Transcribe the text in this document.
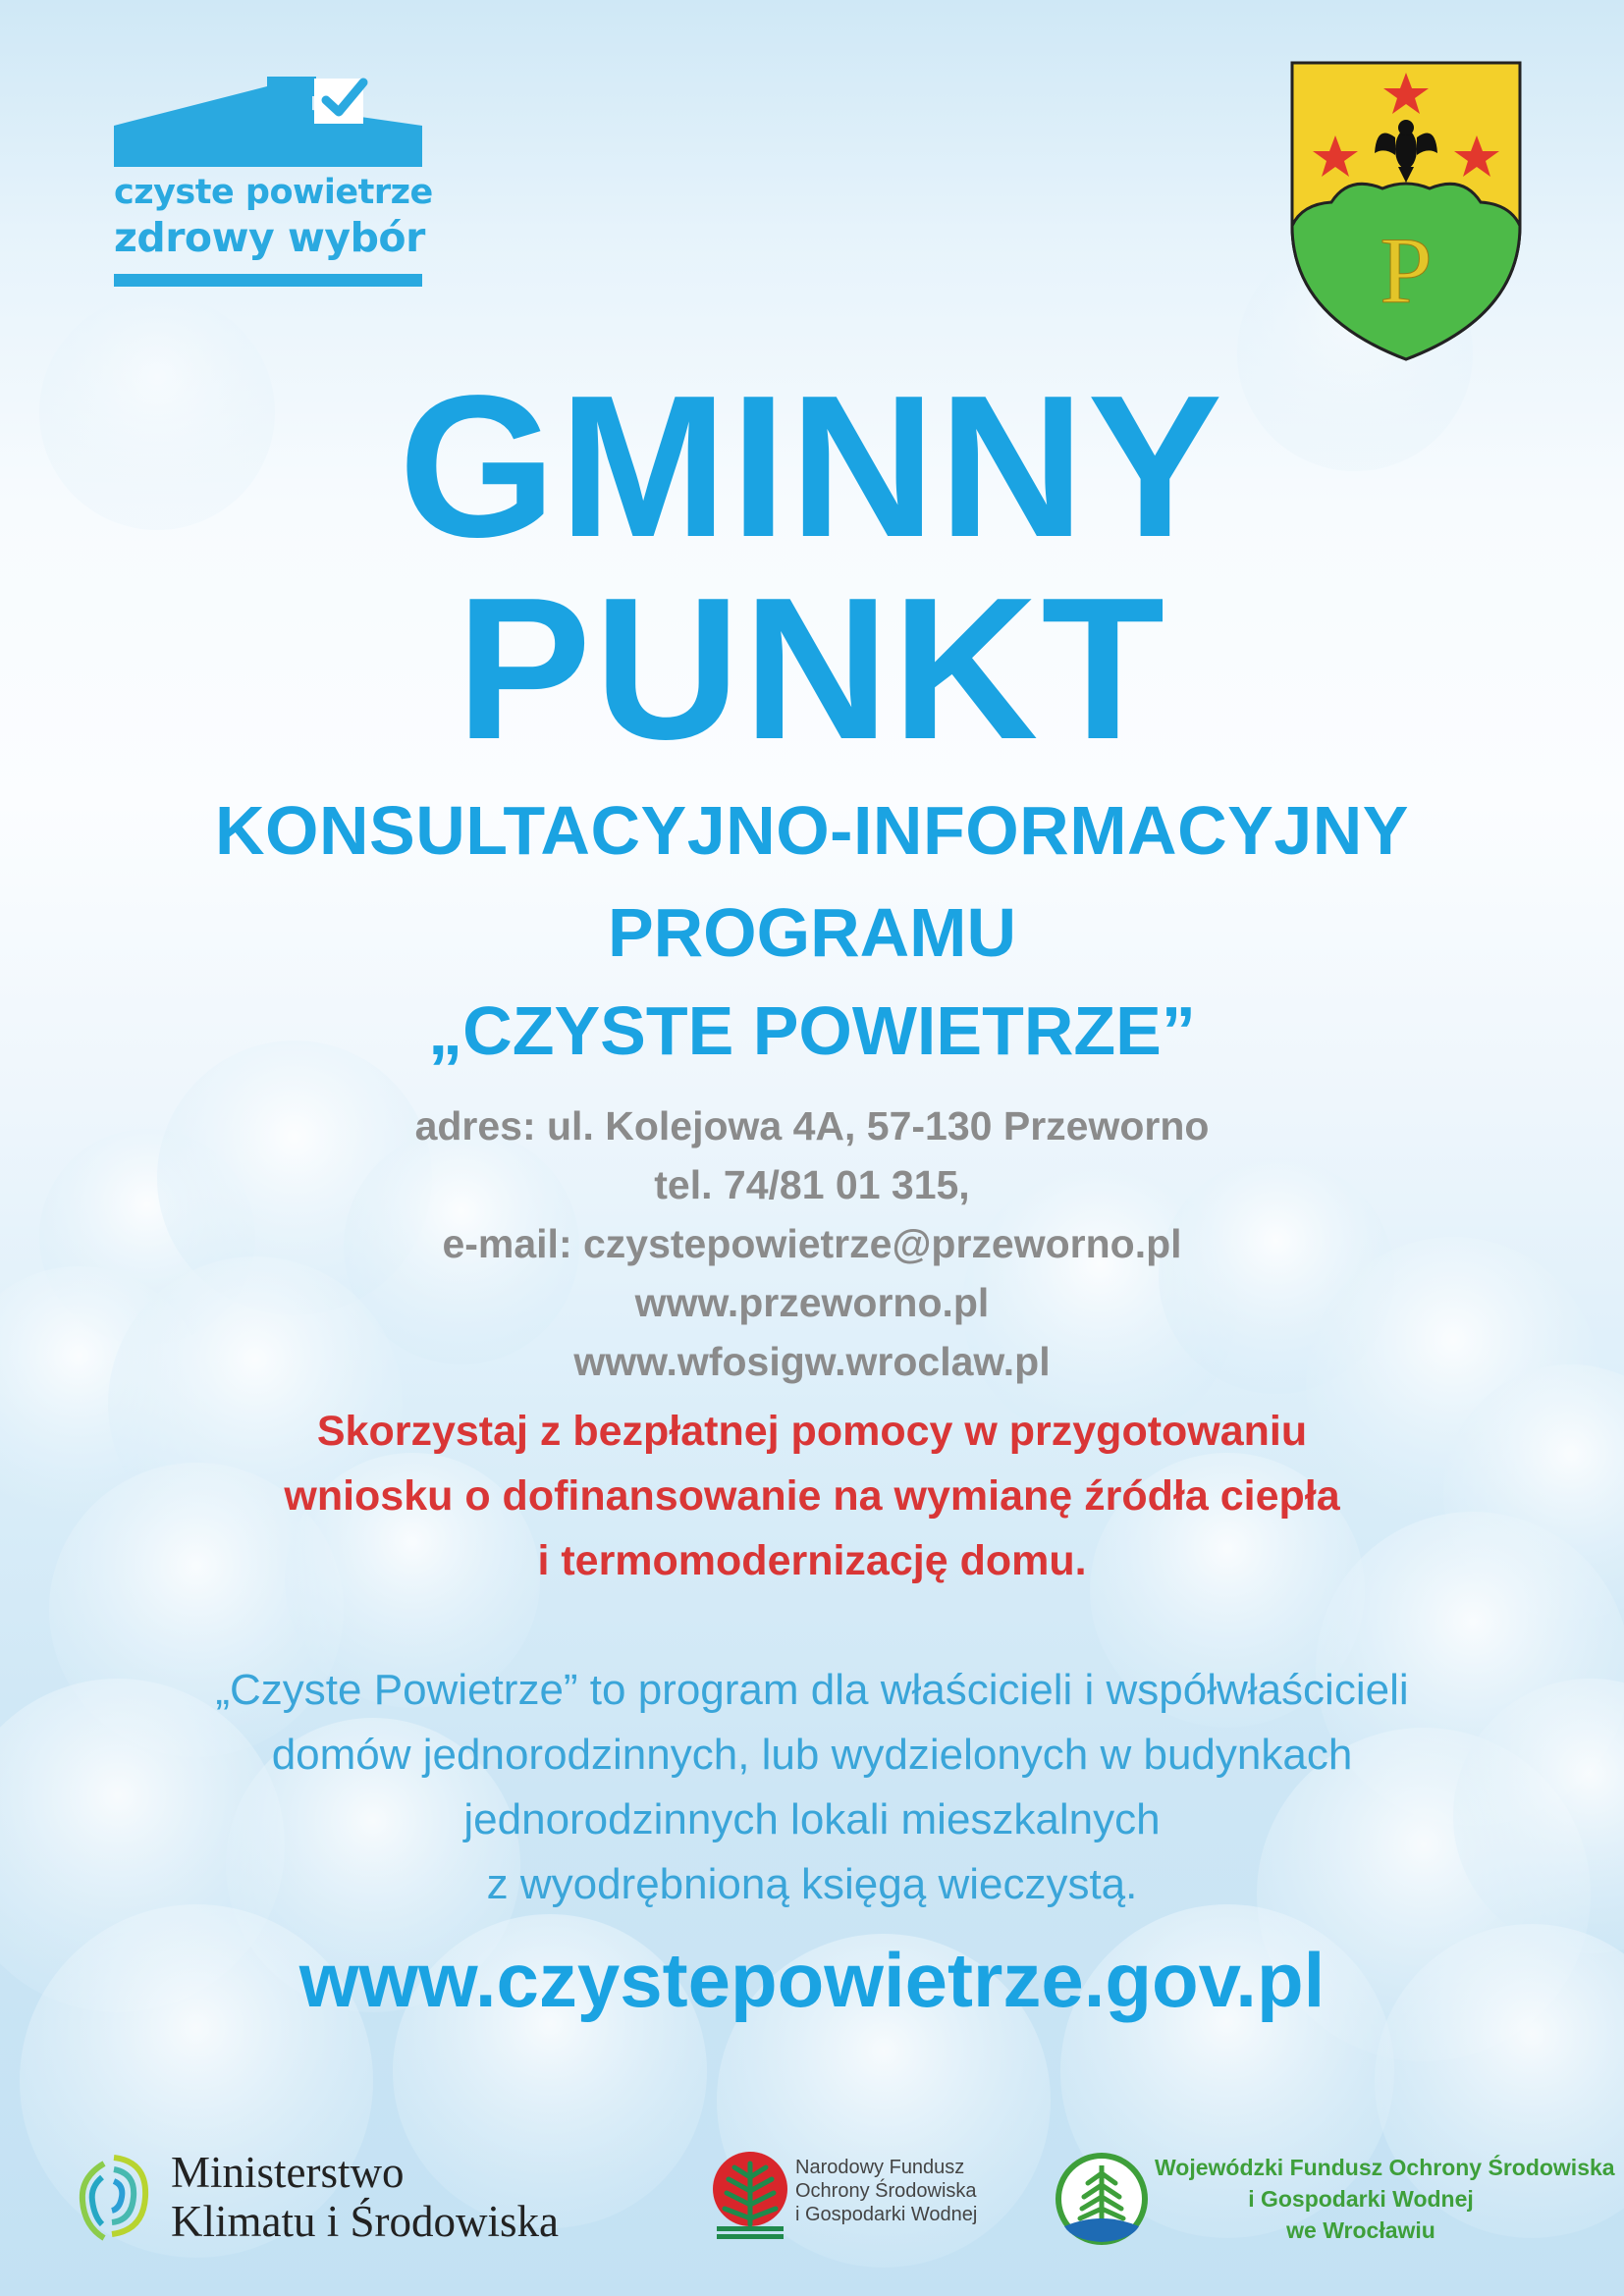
czyste powietrze
zdrowy wybór	P
GMINNY
PUNKT
KONSULTACYJNO-INFORMACYJNY
PROGRAMU
„CZYSTE POWIETRZE”
adres: ul. Kolejowa 4A, 57-130 Przeworno
tel. 74/81 01 315,
e-mail: czystepowietrze@przeworno.pl
www.przeworno.pl
www.wfosigw.wroclaw.pl
Skorzystaj z bezpłatnej pomocy w przygotowaniu
wniosku o dofinansowanie na wymianę źródła ciepła
i termomodernizację domu.
„Czyste Powietrze” to program dla właścicieli i współwłaścicieli
domów jednorodzinnych, lub wydzielonych w budynkach
jednorodzinnych lokali mieszkalnych
z wyodrębnioną księgą wieczystą.
www.czystepowietrze.gov.pl
Ministerstwo
Klimatu i Środowiska
Narodowy Fundusz
Ochrony Środowiska
i Gospodarki Wodnej
Wojewódzki Fundusz Ochrony Środowiska
i Gospodarki Wodnej
we Wrocławiu
